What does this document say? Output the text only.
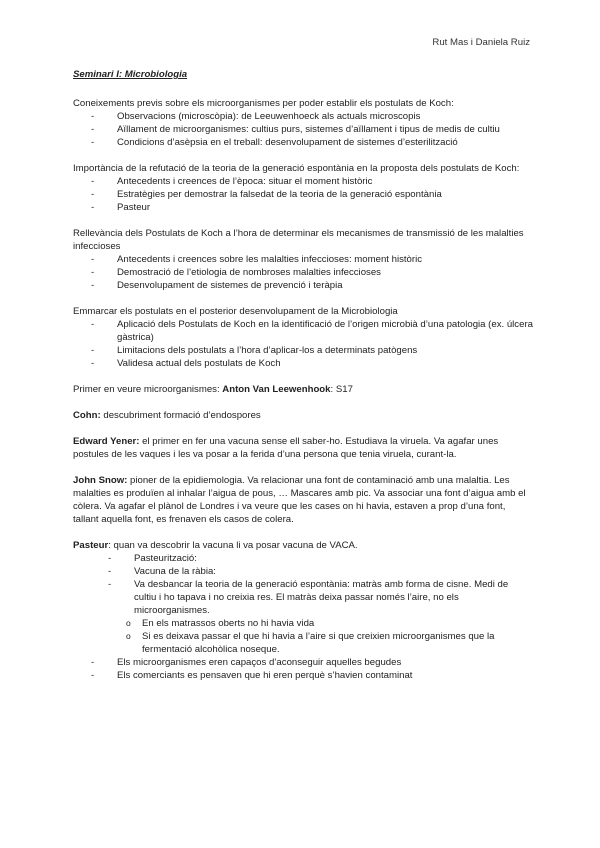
Rut Mas i Daniela Ruiz
Seminari I: Microbiologia

Coneixements previs sobre els microorganismes per poder establir els postulats de Koch:

- Observacions (microscòpia): de Leeuwenhoeck als actuals microscopis
- Aïllament de microorganismes: cultius purs, sistemes d’aïllament i tipus de medis de cultiu
- Condicions d’asèpsia en el treball: desenvolupament de sistemes d’esterilització

Importància de la refutació de la teoria de la generació espontània en la proposta dels postulats de Koch:

- Antecedents i creences de l’època: situar el moment històric
- Estratègies per demostrar la falsedat de la teoria de la generació espontània
- Pasteur

Rellevància dels Postulats de Koch a l’hora de determinar els mecanismes de transmissió de les malalties infeccioses

- Antecedents i creences sobre les malalties infeccioses: moment històric
- Demostració de l’etiologia de nombroses malalties infeccioses
- Desenvolupament de sistemes de prevenció i teràpia

Emmarcar els postulats en el posterior desenvolupament de la Microbiologia

- Aplicació dels Postulats de Koch en la identificació de l’origen microbià d’una patologia (ex. úlcera gàstrica)
- Limitacions dels postulats a l’hora d’aplicar-los a determinats patògens
- Validesa actual dels postulats de Koch
Primer en veure microorganismes: Anton Van Leewenhook: S17
Cohn: descubriment formació d’endospores
Edward Yener: el primer en fer una vacuna sense ell saber-ho. Estudiava la viruela. Va agafar unes postules de les vaques i les va posar a la ferida d’una persona que tenia viruela, curant-la.
John Snow: pioner de la epidiemologia. Va relacionar una font de contaminació amb una malaltia. Les malalties es produïen al inhalar l’aigua de pous, … Mascares amb pic. Va associar una font d’aigua amb el còlera. Va agafar el plànol de Londres i va veure que les cases on hi havia, estaven a prop d’una font, tallant aquella font, es frenaven els casos de colera.

Pasteur: quan va descobrir la vacuna li va posar vacuna de VACA.

- Pasteurització:
- Vacuna de la ràbia:
- Va desbancar la teoria de la generació espontània: matràs amb forma de cisne. Medi de cultiu i ho tapava i no creixia res. El matràs deixa passar només l’aire, no els microorganismes.
o En els matrassos oberts no hi havia vida
o Si es deixava passar el que hi havia a l’aire si que creixien microorganismes que la fermentació alcohòlica noseque.
- Els microorganismes eren capaços d’aconseguir aquelles begudes
- Els comerciants es pensaven que hi eren perquè s’havien contaminat
